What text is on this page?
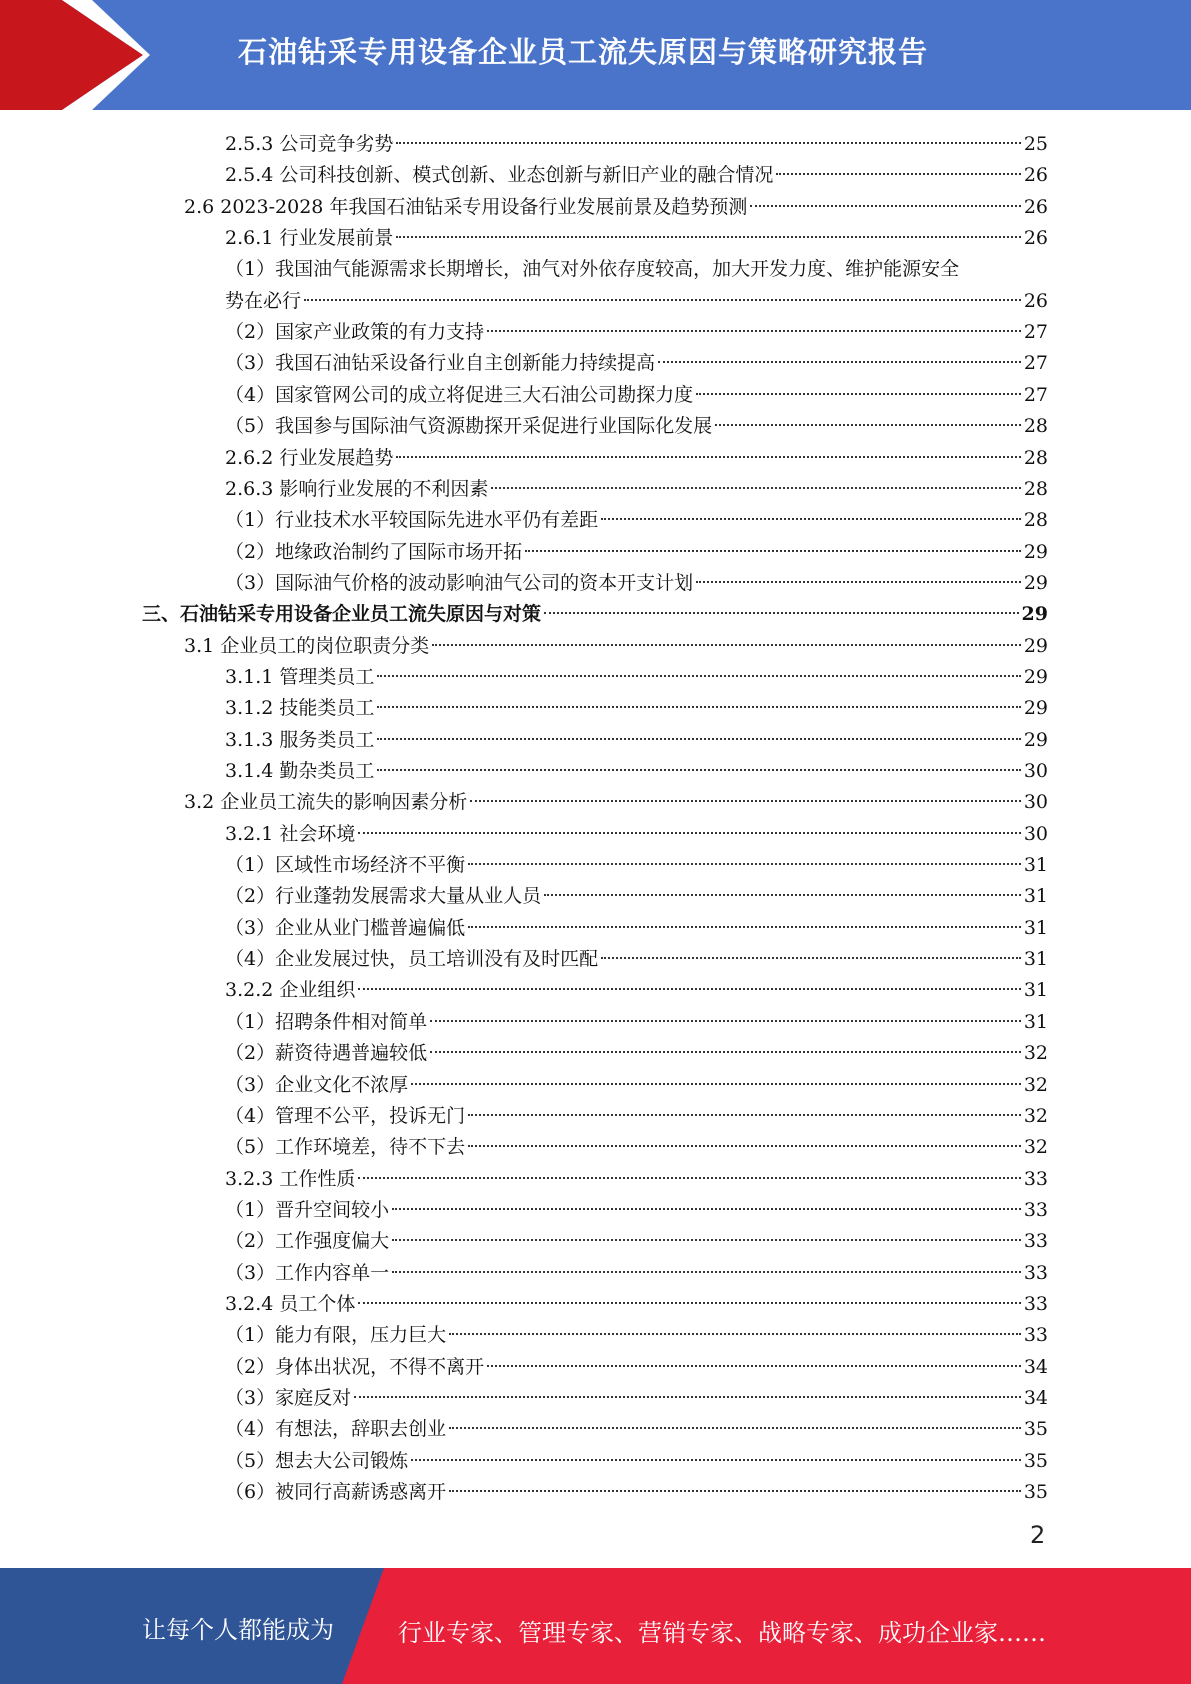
石油钻采专用设备企业员工流失原因与策略研究报告
2.5.3 公司竞争劣势	25
2.5.4 公司科技创新、模式创新、业态创新与新旧产业的融合情况	26
2.6 2023-2028 年我国石油钻采专用设备行业发展前景及趋势预测	26
2.6.1 行业发展前景	26
（1）我国油气能源需求长期增长，油气对外依存度较高，加大开发力度、维护能源安全
势在必行	26
（2）国家产业政策的有力支持	27
（3）我国石油钻采设备行业自主创新能力持续提高	27
（4）国家管网公司的成立将促进三大石油公司勘探力度	27
（5）我国参与国际油气资源勘探开采促进行业国际化发展	28
2.6.2 行业发展趋势	28
2.6.3 影响行业发展的不利因素	28
（1）行业技术水平较国际先进水平仍有差距	28
（2）地缘政治制约了国际市场开拓	29
（3）国际油气价格的波动影响油气公司的资本开支计划	29
三、石油钻采专用设备企业员工流失原因与对策	29
3.1 企业员工的岗位职责分类	29
3.1.1 管理类员工	29
3.1.2 技能类员工	29
3.1.3 服务类员工	29
3.1.4 勤杂类员工	30
3.2 企业员工流失的影响因素分析	30
3.2.1 社会环境	30
（1）区域性市场经济不平衡	31
（2）行业蓬勃发展需求大量从业人员	31
（3）企业从业门槛普遍偏低	31
（4）企业发展过快，员工培训没有及时匹配	31
3.2.2 企业组织	31
（1）招聘条件相对简单	31
（2）薪资待遇普遍较低	32
（3）企业文化不浓厚	32
（4）管理不公平，投诉无门	32
（5）工作环境差，待不下去	32
3.2.3 工作性质	33
（1）晋升空间较小	33
（2）工作强度偏大	33
（3）工作内容单一	33
3.2.4 员工个体	33
（1）能力有限，压力巨大	33
（2）身体出状况，不得不离开	34
（3）家庭反对	34
（4）有想法，辞职去创业	35
（5）想去大公司锻炼	35
（6）被同行高薪诱惑离开	35
2
让每个人都能成为	行业专家、管理专家、营销专家、战略专家、成功企业家……
